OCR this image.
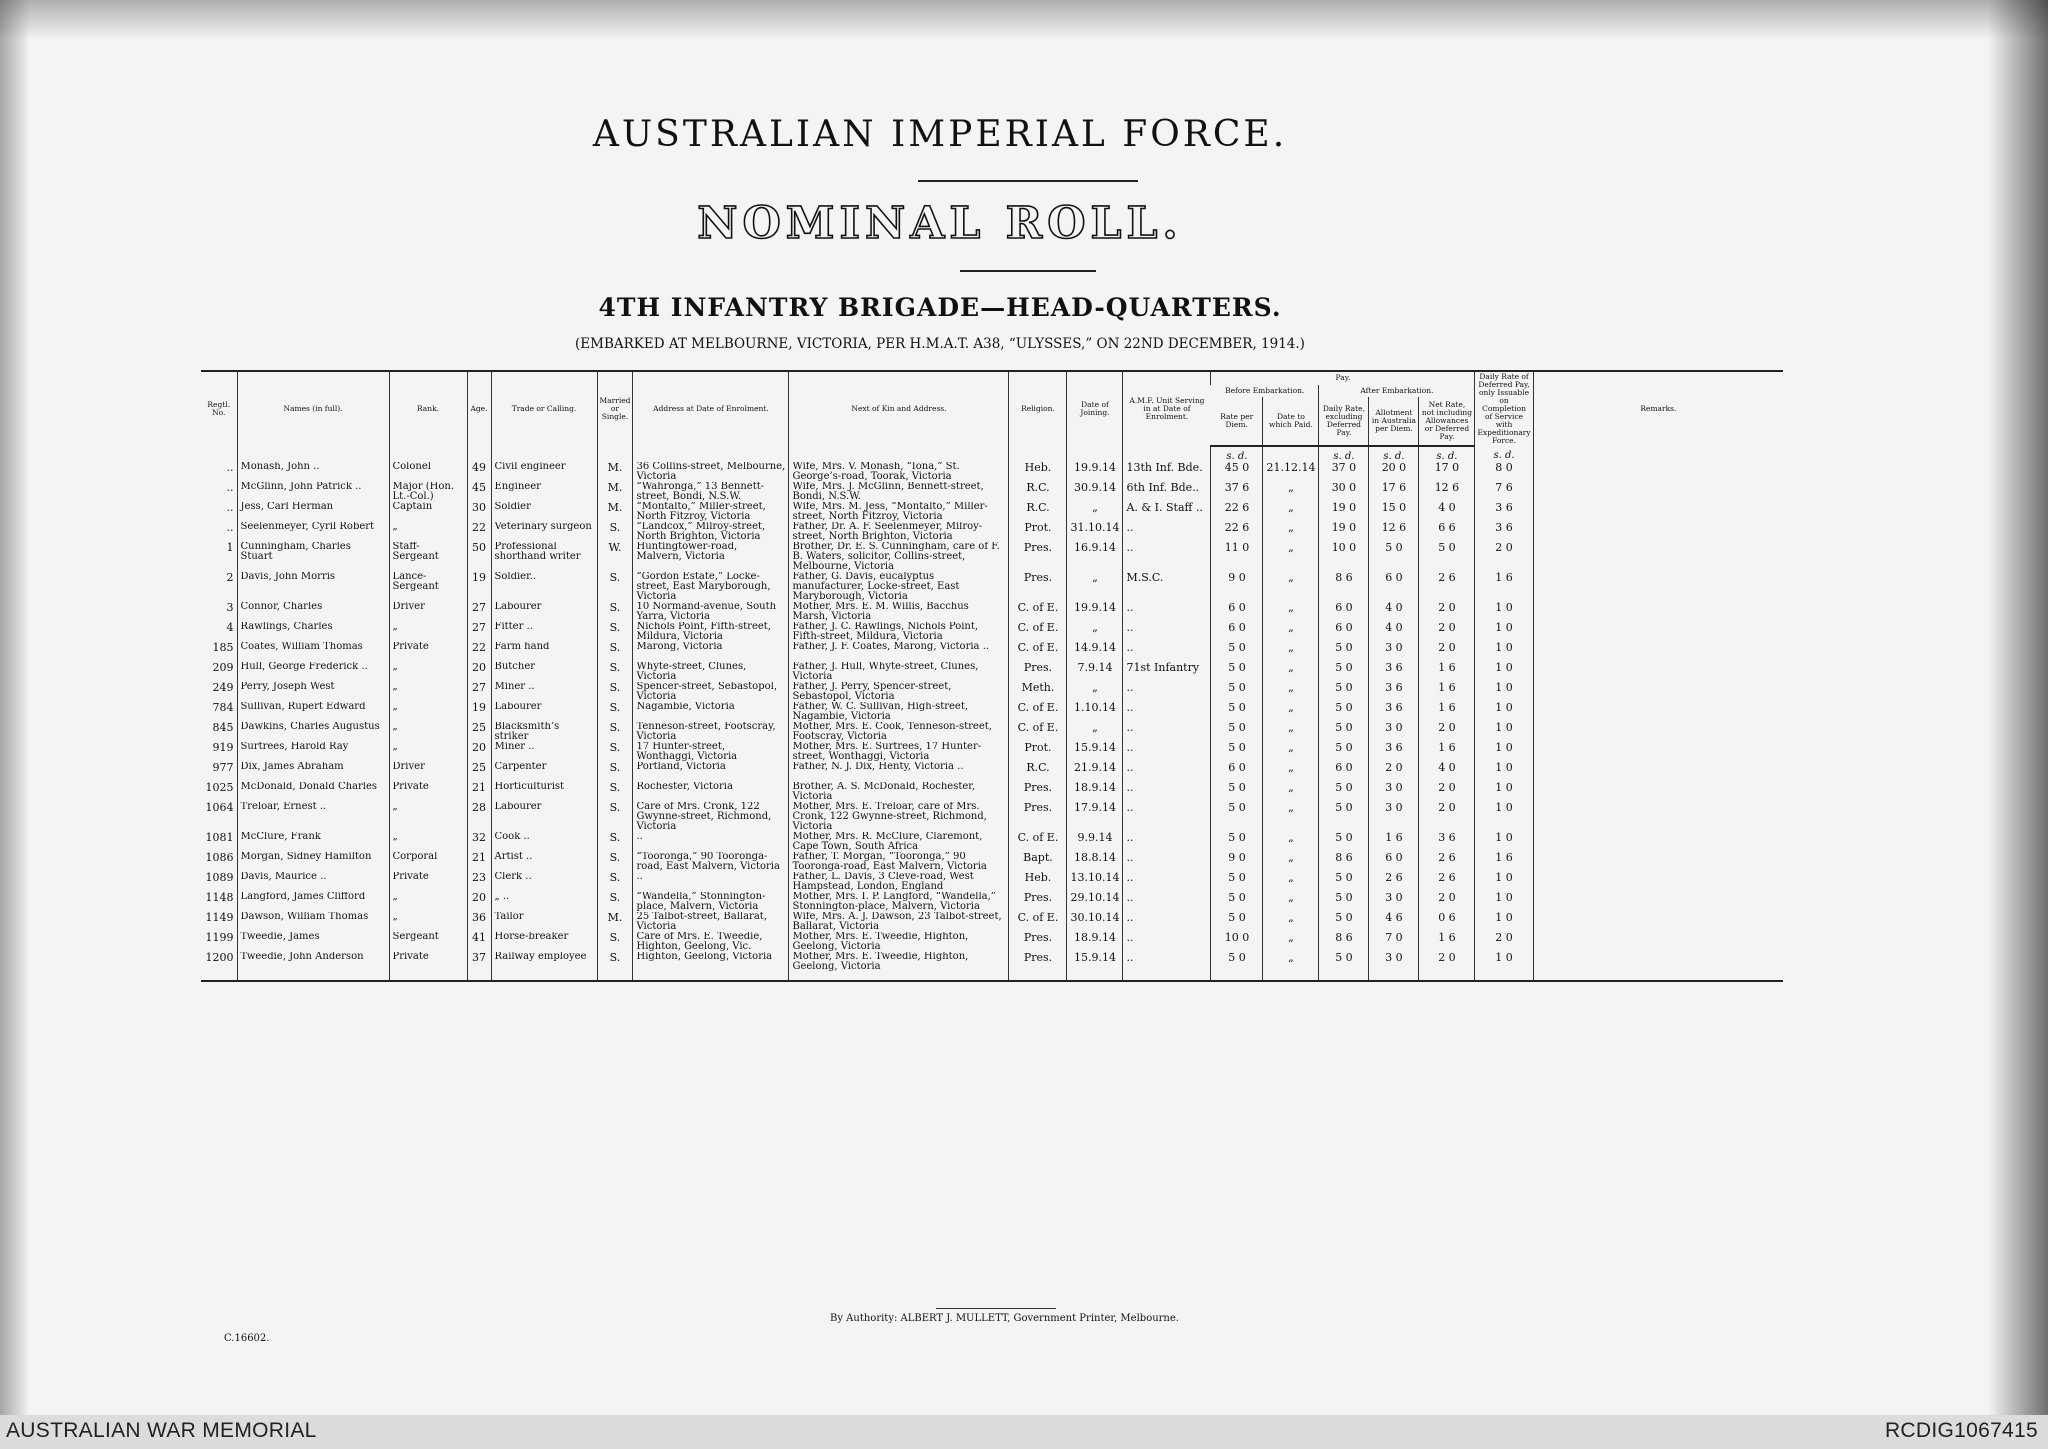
AUSTRALIAN IMPERIAL FORCE.
NOMINAL ROLL.
4TH INFANTRY BRIGADE—HEAD-QUARTERS.
(EMBARKED AT MELBOURNE, VICTORIA, PER H.M.A.T. A38, “ULYSSES,” ON 22ND DECEMBER, 1914.)
Regtl. No.	Names (in full).	Rank.	Age.	Trade or Calling.	Married or Single.	Address at Date of Enrolment.	Next of Kin and Address.	Religion.	Date of Joining.	A.M.F. Unit Serving in at Date of Enrolment.	Pay.					Daily Rate of Deferred Pay, only Issuable on Completion of Service with Expeditionary Force.	Remarks.
											Before Embarkation.		After Embarkation.				
											Rate per Diem.	Date to which Paid.	Daily Rate, excluding Deferred Pay.	Allotment in Australia per Diem.	Net Rate, not including Allowances or Deferred Pay.		
											s. d.		s. d.	s. d.	s. d.	s. d.	
..	Monash, John ..	Colonel	49	Civil engineer	M.	36 Collins-street, Melbourne, Victoria	Wife, Mrs. V. Monash, “Iona,” St. George’s-road, Toorak, Victoria	Heb.	19.9.14	13th Inf. Bde.	45 0	21.12.14	37 0	20 0	17 0	8 0	
..	McGlinn, John Patrick ..	Major (Hon. Lt.-Col.)	45	Engineer	M.	“Wahronga,” 13 Bennett-street, Bondi, N.S.W.	Wife, Mrs. J. McGlinn, Bennett-street, Bondi, N.S.W.	R.C.	30.9.14	6th Inf. Bde..	37 6	„	30 0	17 6	12 6	7 6	
..	Jess, Carl Herman	Captain	30	Soldier	M.	“Montalto,” Miller-street, North Fitzroy, Victoria	Wife, Mrs. M. Jess, “Montalto,” Miller-street, North Fitzroy, Victoria	R.C.	„	A. & I. Staff ..	22 6	„	19 0	15 0	4 0	3 6	
..	Seelenmeyer, Cyril Robert	„	22	Veterinary surgeon	S.	“Landcox,” Milroy-street, North Brighton, Victoria	Father, Dr. A. F. Seelenmeyer, Milroy-street, North Brighton, Victoria	Prot.	31.10.14	..	22 6	„	19 0	12 6	6 6	3 6	
1	Cunningham, Charles Stuart	Staff-Sergeant	50	Professional shorthand writer	W.	Huntingtower-road, Malvern, Victoria	Brother, Dr. E. S. Cunningham, care of F. B. Waters, solicitor, Collins-street, Melbourne, Victoria	Pres.	16.9.14	..	11 0	„	10 0	5 0	5 0	2 0	
2	Davis, John Morris	Lance-Sergeant	19	Soldier..	S.	“Gordon Estate,” Locke-street, East Maryborough, Victoria	Father, G. Davis, eucalyptus manufacturer, Locke-street, East Maryborough, Victoria	Pres.	„	M.S.C.	9 0	„	8 6	6 0	2 6	1 6	
3	Connor, Charles	Driver	27	Labourer	S.	10 Normand-avenue, South Yarra, Victoria	Mother, Mrs. E. M. Willis, Bacchus Marsh, Victoria	C. of E.	19.9.14	..	6 0	„	6 0	4 0	2 0	1 0	
4	Rawlings, Charles	„	27	Fitter ..	S.	Nichols Point, Fifth-street, Mildura, Victoria	Father, J. C. Rawlings, Nichols Point, Fifth-street, Mildura, Victoria	C. of E.	„	..	6 0	„	6 0	4 0	2 0	1 0	
185	Coates, William Thomas	Private	22	Farm hand	S.	Marong, Victoria	Father, J. F. Coates, Marong, Victoria ..	C. of E.	14.9.14	..	5 0	„	5 0	3 0	2 0	1 0	
209	Hull, George Frederick ..	„	20	Butcher	S.	Whyte-street, Clunes, Victoria	Father, J. Hull, Whyte-street, Clunes, Victoria	Pres.	7.9.14	71st Infantry	5 0	„	5 0	3 6	1 6	1 0	
249	Perry, Joseph West	„	27	Miner ..	S.	Spencer-street, Sebastopol, Victoria	Father, J. Perry, Spencer-street, Sebastopol, Victoria	Meth.	„	..	5 0	„	5 0	3 6	1 6	1 0	
784	Sullivan, Rupert Edward	„	19	Labourer	S.	Nagambie, Victoria	Father, W. C. Sullivan, High-street, Nagambie, Victoria	C. of E.	1.10.14	..	5 0	„	5 0	3 6	1 6	1 0	
845	Dawkins, Charles Augustus	„	25	Blacksmith’s striker	S.	Tenneson-street, Footscray, Victoria	Mother, Mrs. E. Cook, Tenneson-street, Footscray, Victoria	C. of E.	„	..	5 0	„	5 0	3 0	2 0	1 0	
919	Surtrees, Harold Ray	„	20	Miner ..	S.	17 Hunter-street, Wonthaggi, Victoria	Mother, Mrs. E. Surtrees, 17 Hunter-street, Wonthaggi, Victoria	Prot.	15.9.14	..	5 0	„	5 0	3 6	1 6	1 0	
977	Dix, James Abraham	Driver	25	Carpenter	S.	Portland, Victoria	Father, N. J. Dix, Henty, Victoria ..	R.C.	21.9.14	..	6 0	„	6 0	2 0	4 0	1 0	
1025	McDonald, Donald Charles	Private	21	Horticulturist	S.	Rochester, Victoria	Brother, A. S. McDonald, Rochester, Victoria	Pres.	18.9.14	..	5 0	„	5 0	3 0	2 0	1 0	
1064	Treloar, Ernest ..	„	28	Labourer	S.	Care of Mrs. Cronk, 122 Gwynne-street, Richmond, Victoria	Mother, Mrs. E. Treloar, care of Mrs. Cronk, 122 Gwynne-street, Richmond, Victoria	Pres.	17.9.14	..	5 0	„	5 0	3 0	2 0	1 0	
1081	McClure, Frank	„	32	Cook ..	S.	..	Mother, Mrs. R. McClure, Claremont, Cape Town, South Africa	C. of E.	9.9.14	..	5 0	„	5 0	1 6	3 6	1 0	
1086	Morgan, Sidney Hamilton	Corporal	21	Artist ..	S.	“Tooronga,” 90 Tooronga-road, East Malvern, Victoria	Father, T. Morgan, “Tooronga,” 90 Tooronga-road, East Malvern, Victoria	Bapt.	18.8.14	..	9 0	„	8 6	6 0	2 6	1 6	
1089	Davis, Maurice ..	Private	23	Clerk ..	S.	..	Father, L. Davis, 3 Cleve-road, West Hampstead, London, England	Heb.	13.10.14	..	5 0	„	5 0	2 6	2 6	1 0	
1148	Langford, James Clifford	„	20	„ ..	S.	“Wandella,” Stonnington-place, Malvern, Victoria	Mother, Mrs. I. P. Langford, “Wandella,” Stonnington-place, Malvern, Victoria	Pres.	29.10.14	..	5 0	„	5 0	3 0	2 0	1 0	
1149	Dawson, William Thomas	„	36	Tailor	M.	25 Talbot-street, Ballarat, Victoria	Wife, Mrs. A. J. Dawson, 23 Talbot-street, Ballarat, Victoria	C. of E.	30.10.14	..	5 0	„	5 0	4 6	0 6	1 0	
1199	Tweedie, James	Sergeant	41	Horse-breaker	S.	Care of Mrs. E. Tweedie, Highton, Geelong, Vic.	Mother, Mrs. E. Tweedie, Highton, Geelong, Victoria	Pres.	18.9.14	..	10 0	„	8 6	7 0	1 6	2 0	
1200	Tweedie, John Anderson	Private	37	Railway employee	S.	Highton, Geelong, Victoria	Mother, Mrs. E. Tweedie, Highton, Geelong, Victoria	Pres.	15.9.14	..	5 0	„	5 0	3 0	2 0	1 0	
By Authority: ALBERT J. MULLETT, Government Printer, Melbourne.
C.16602.
AUSTRALIAN WAR MEMORIAL	RCDIG1067415
